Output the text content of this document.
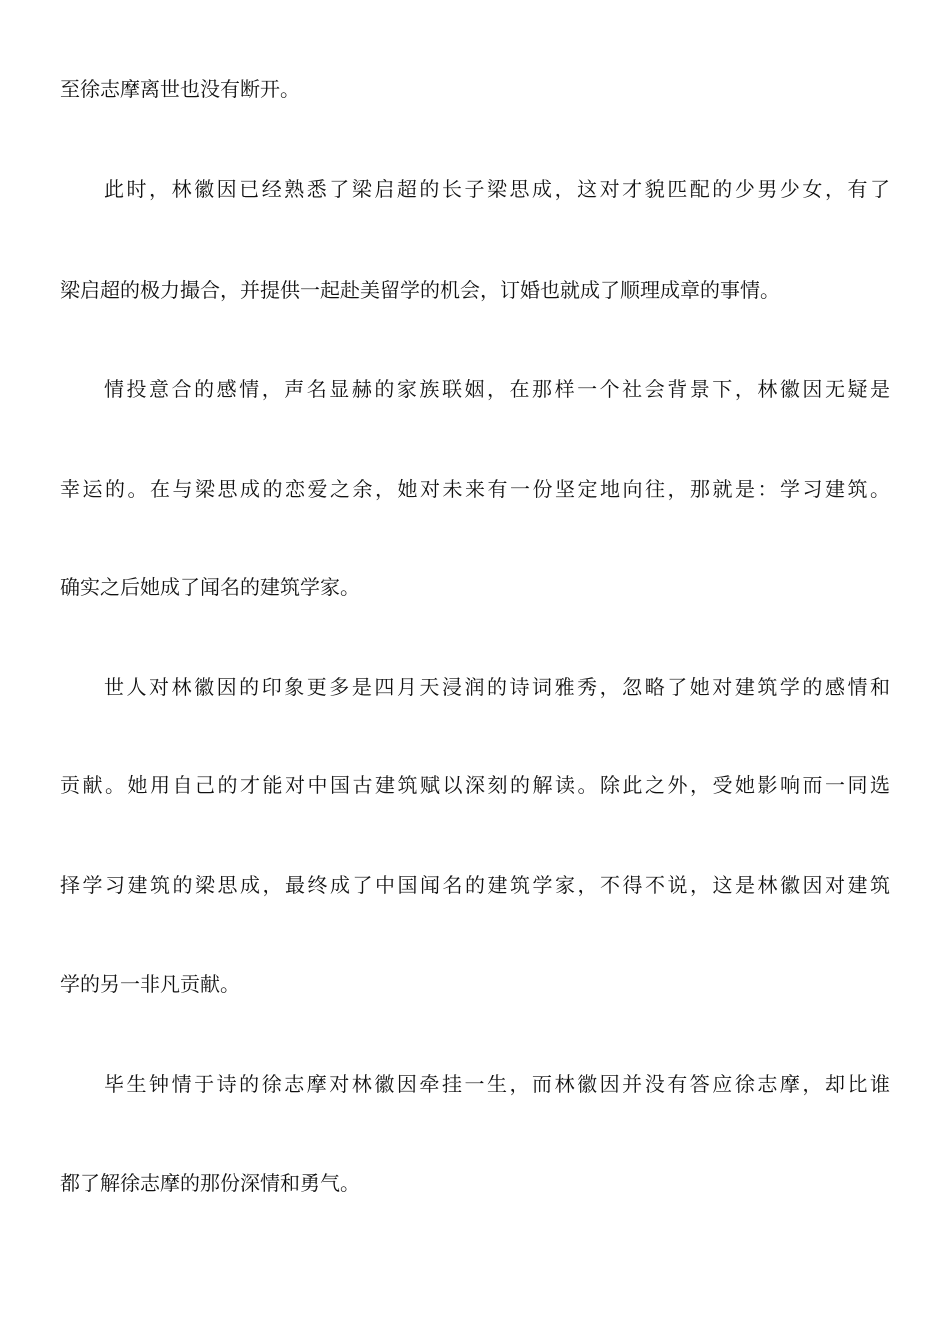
至徐志摩离世也没有断开。
此时，林徽因已经熟悉了梁启超的长子梁思成，这对才貌匹配的少男少女，有了
梁启超的极力撮合，并提供一起赴美留学的机会，订婚也就成了顺理成章的事情。
情投意合的感情，声名显赫的家族联姻，在那样一个社会背景下，林徽因无疑是
幸运的。在与梁思成的恋爱之余，她对未来有一份坚定地向往，那就是：学习建筑。
确实之后她成了闻名的建筑学家。
世人对林徽因的印象更多是四月天浸润的诗词雅秀，忽略了她对建筑学的感情和
贡献。她用自己的才能对中国古建筑赋以深刻的解读。除此之外，受她影响而一同选
择学习建筑的梁思成，最终成了中国闻名的建筑学家，不得不说，这是林徽因对建筑
学的另一非凡贡献。
毕生钟情于诗的徐志摩对林徽因牵挂一生，而林徽因并没有答应徐志摩，却比谁
都了解徐志摩的那份深情和勇气。
